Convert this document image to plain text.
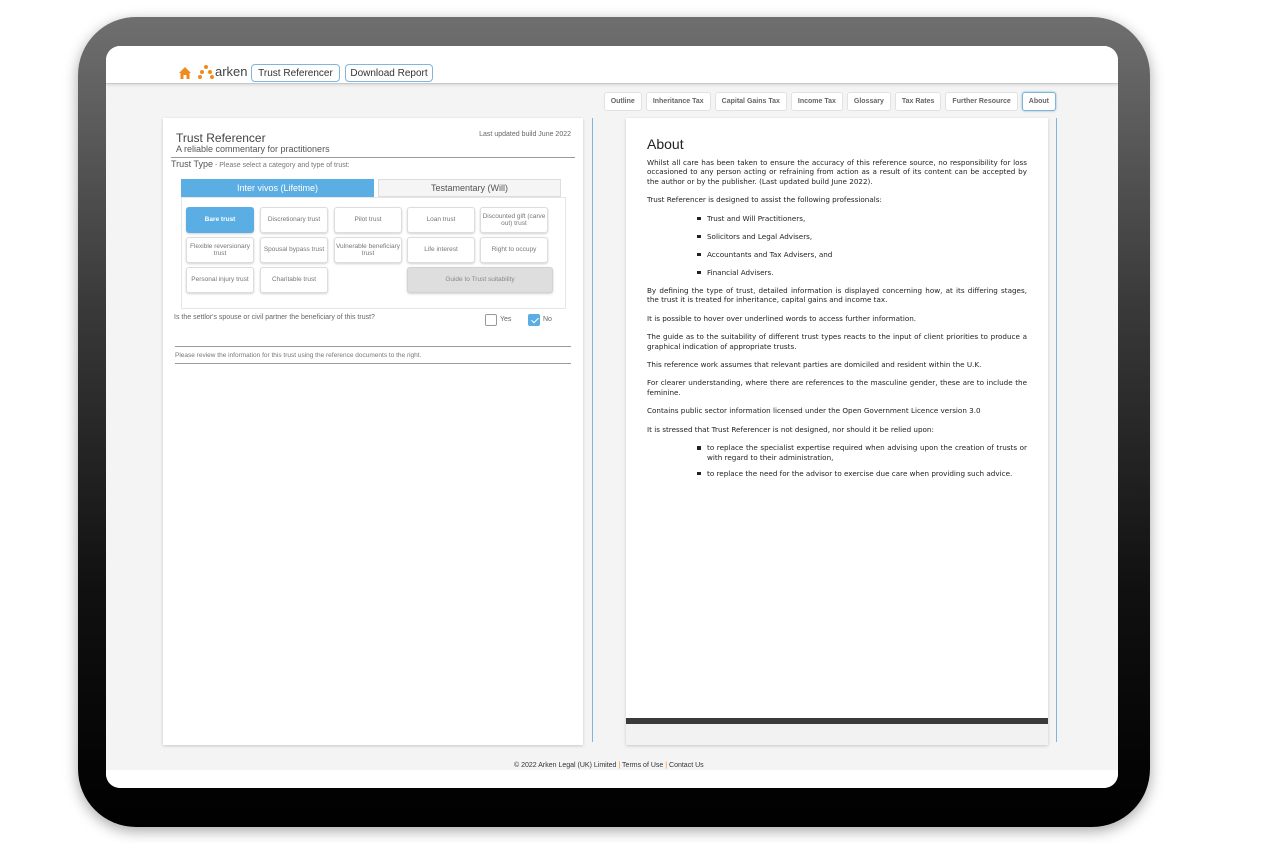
arken	Trust Referencer	Download Report
Outline	Inheritance Tax	Capital Gains Tax	Income Tax	Glossary	Tax Rates	Further Resource	About
Trust Referencer
A reliable commentary for practitioners
Last updated build June 2022
Trust Type - Please select a category and type of trust:
Inter vivos (Lifetime)	Testamentary (Will)
Bare trust	Discretionary trust	Pilot trust	Loan trust
Discounted gift (carve out) trust
Flexible reversionary trust
Spousal bypass trust
Vulnerable beneficiary trust
Life interest	Right to occupy
Personal injury trust	Charitable trust	Guide to Trust suitability
Is the settlor's spouse or civil partner the beneficiary of this trust?	Yes	No
Please review the information for this trust using the reference documents to the right.
About

Whilst all care has been taken to ensure the accuracy of this reference source, no responsibility for loss occasioned to any person acting or refraining from action as a result of its content can be accepted by the author or by the publisher. (Last updated build June 2022).

Trust Referencer is designed to assist the following professionals:

Trust and Will Practitioners,
Solicitors and Legal Advisers,
Accountants and Tax Advisers, and
Financial Advisers.

By defining the type of trust, detailed information is displayed concerning how, at its differing stages, the trust it is treated for inheritance, capital gains and income tax.

It is possible to hover over underlined words to access further information.

The guide as to the suitability of different trust types reacts to the input of client priorities to produce a graphical indication of appropriate trusts.

This reference work assumes that relevant parties are domiciled and resident within the U.K.

For clearer understanding, where there are references to the masculine gender, these are to include the feminine.

Contains public sector information licensed under the Open Government Licence version 3.0

It is stressed that Trust Referencer is not designed, nor should it be relied upon:

to replace the specialist expertise required when advising upon the creation of trusts or with regard to their administration,
to replace the need for the advisor to exercise due care when providing such advice.
© 2022 Arken Legal (UK) Limited | Terms of Use | Contact Us
